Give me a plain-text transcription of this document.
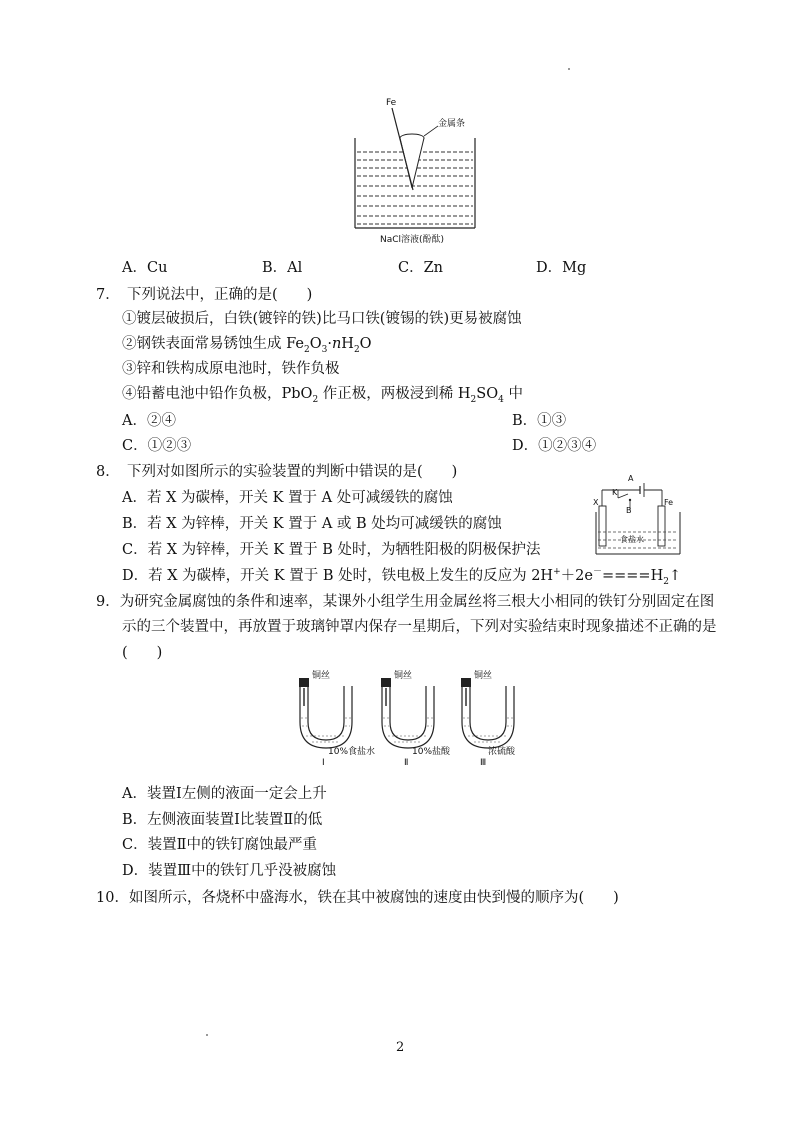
Fe
金属条
NaCl溶液(酚酞)
A．Cu	B．Al	C．Zn	D．Mg
7．　下列说法中，正确的是(　　)
①镀层破损后，白铁(镀锌的铁)比马口铁(镀锡的铁)更易被腐蚀
②钢铁表面常易锈蚀生成 $Fe_2O_3\cdot nH_2O$
③锌和铁构成原电池时，铁作负极
④铅蓄电池中铅作负极，PbO$_2$ 作正极，两极浸到稀 $H_2SO_4$ 中
A．②④	B．①③
C．①②③	D．①②③④
8．　下列对如图所示的实验装置的判断中错误的是(　　)
A．若 X 为碳棒，开关 K 置于 A 处可减缓铁的腐蚀
B．若 X 为锌棒，开关 K 置于 A 或 B 处均可减缓铁的腐蚀
C．若 X 为锌棒，开关 K 置于 B 处时，为牺牲阳极的阴极保护法
D．若 X 为碳棒，开关 K 置于 B 处时，铁电极上发生的反应为 $2H^++2e^-====H_2↑$
A
K
X
B
Fe
食盐水
9．为研究金属腐蚀的条件和速率，某课外小组学生用金属丝将三根大小相同的铁钉分别固定在图
示的三个装置中，再放置于玻璃钟罩内保存一星期后，下列对实验结束时现象描述不正确的是
(　　)
铜丝	铜丝	铜丝
10%食盐水	10%盐酸	浓硫酸
Ⅰ	Ⅱ	Ⅲ
A．装置Ⅰ左侧的液面一定会上升
B．左侧液面装置Ⅰ比装置Ⅱ的低
C．装置Ⅱ中的铁钉腐蚀最严重
D．装置Ⅲ中的铁钉几乎没被腐蚀
10．如图所示，各烧杯中盛海水，铁在其中被腐蚀的速度由快到慢的顺序为(　　)
2
